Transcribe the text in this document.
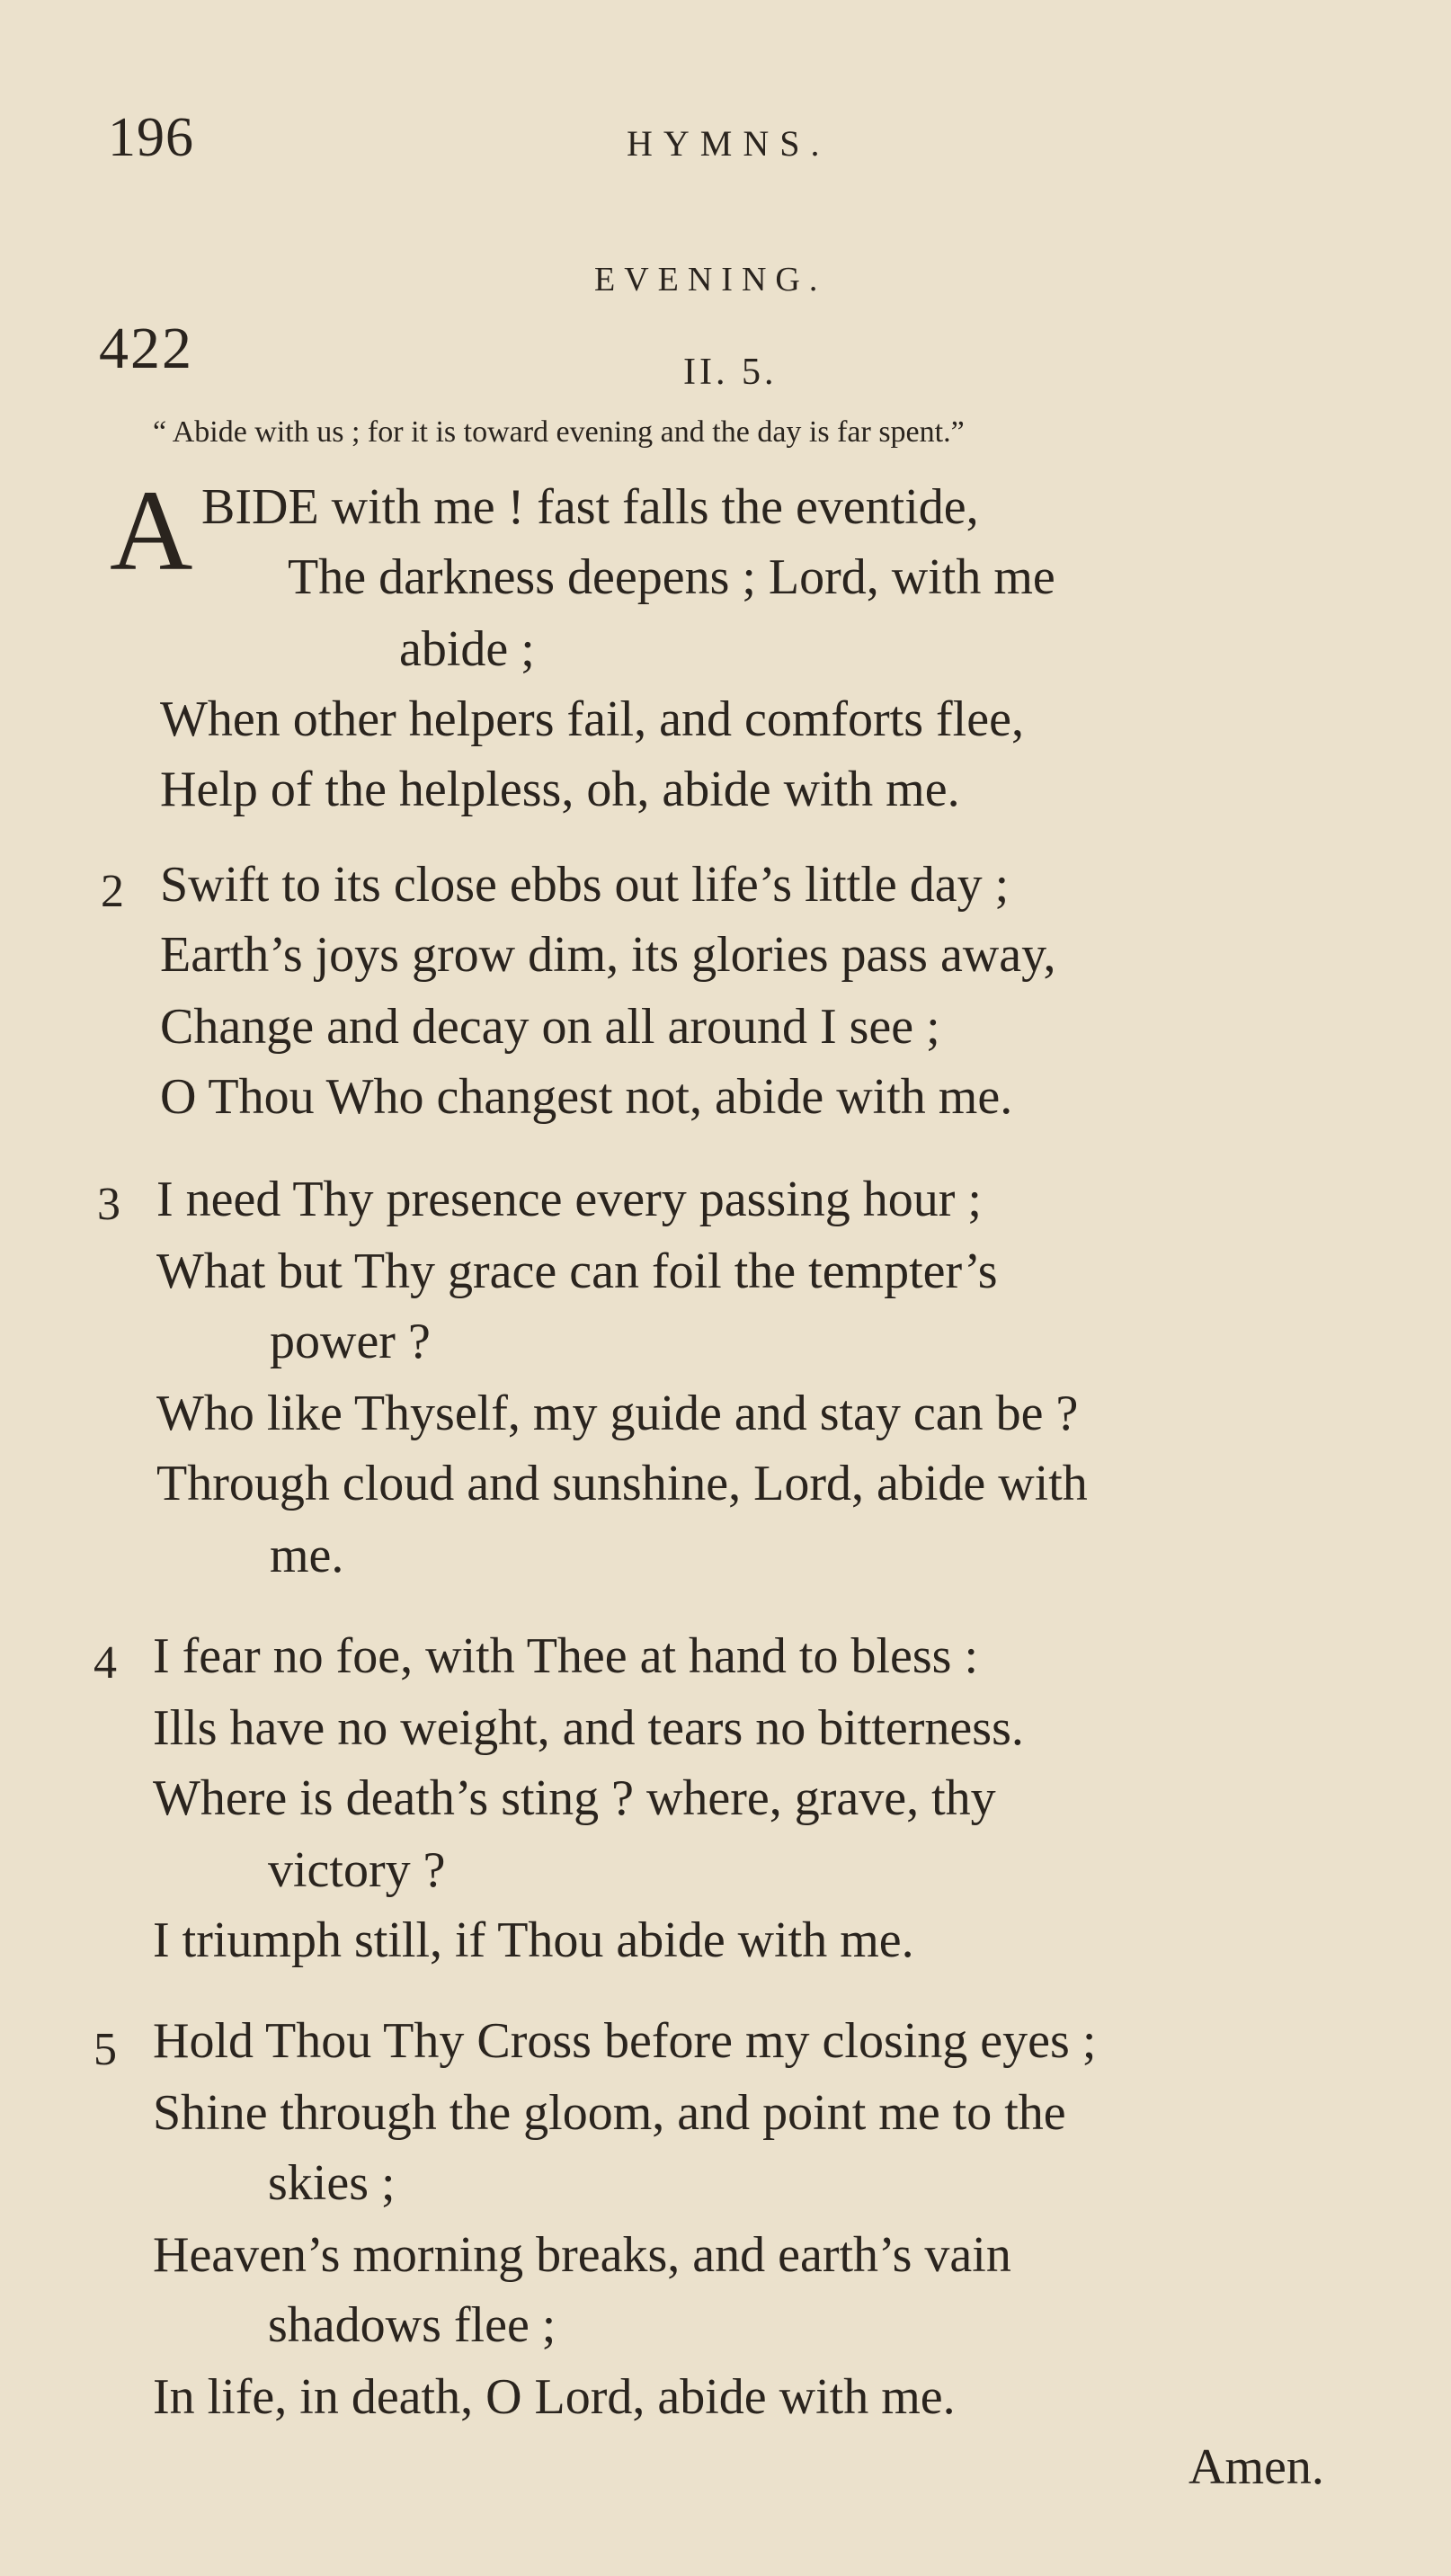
196	HYMNS.
EVENING.
422	II. 5.
“ Abide with us ; for it is toward evening and the day is far spent.”
A BIDE with me ! fast falls the eventide,
The darkness deepens ; Lord, with me
abide ;
When other helpers fail, and comforts flee,
Help of the helpless, oh, abide with me.
2 Swift to its close ebbs out life’s little day ;
Earth’s joys grow dim, its glories pass away,
Change and decay on all around I see ;
O Thou Who changest not, abide with me.
3 I need Thy presence every passing hour ;
What but Thy grace can foil the tempter’s
power ?
Who like Thyself, my guide and stay can be ?
Through cloud and sunshine, Lord, abide with
me.
4 I fear no foe, with Thee at hand to bless :
Ills have no weight, and tears no bitterness.
Where is death’s sting ? where, grave, thy
victory ?
I triumph still, if Thou abide with me.
5 Hold Thou Thy Cross before my closing eyes ;
Shine through the gloom, and point me to the
skies ;
Heaven’s morning breaks, and earth’s vain
shadows flee ;
In life, in death, O Lord, abide with me.
Amen.
